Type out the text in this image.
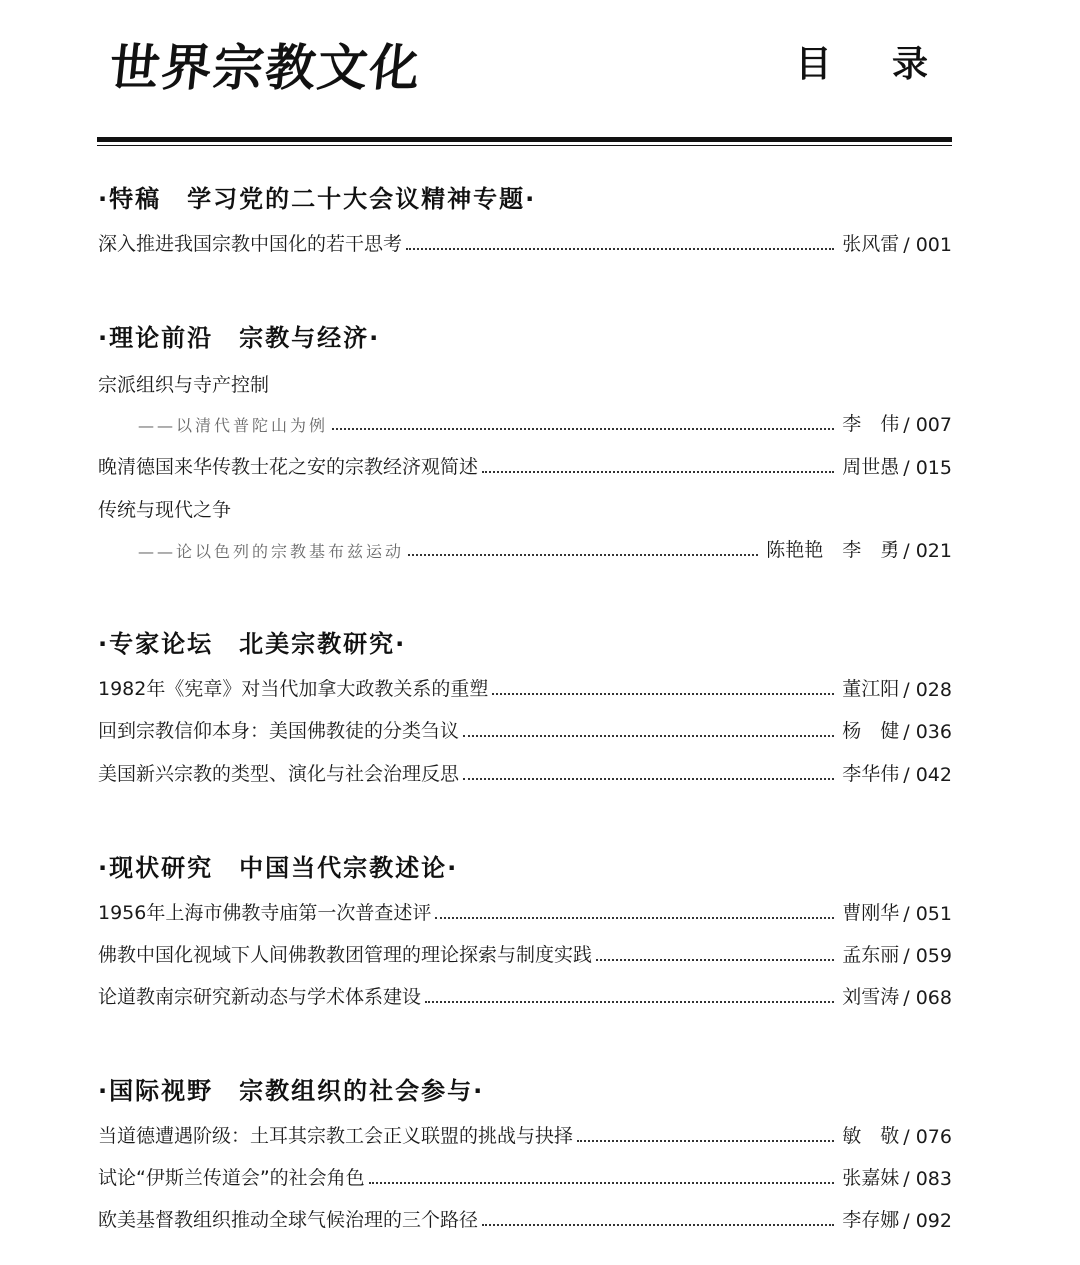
世界宗教文化	目 录
·特稿　学习党的二十大会议精神专题·
深入推进我国宗教中国化的若干思考	张风雷 / 001
·理论前沿　宗教与经济·
宗派组织与寺产控制
——以清代普陀山为例	李　伟 / 007
晚清德国来华传教士花之安的宗教经济观简述	周世愚 / 015
传统与现代之争
——论以色列的宗教基布兹运动	陈艳艳　李　勇 / 021
·专家论坛　北美宗教研究·
1982年《宪章》对当代加拿大政教关系的重塑	董江阳 / 028
回到宗教信仰本身：美国佛教徒的分类刍议	杨　健 / 036
美国新兴宗教的类型、演化与社会治理反思	李华伟 / 042
·现状研究　中国当代宗教述论·
1956年上海市佛教寺庙第一次普查述评	曹刚华 / 051
佛教中国化视域下人间佛教教团管理的理论探索与制度实践	孟东丽 / 059
论道教南宗研究新动态与学术体系建设	刘雪涛 / 068
·国际视野　宗教组织的社会参与·
当道德遭遇阶级：土耳其宗教工会正义联盟的挑战与抉择	敏　敬 / 076
试论“伊斯兰传道会”的社会角色	张嘉妹 / 083
欧美基督教组织推动全球气候治理的三个路径	李存娜 / 092
